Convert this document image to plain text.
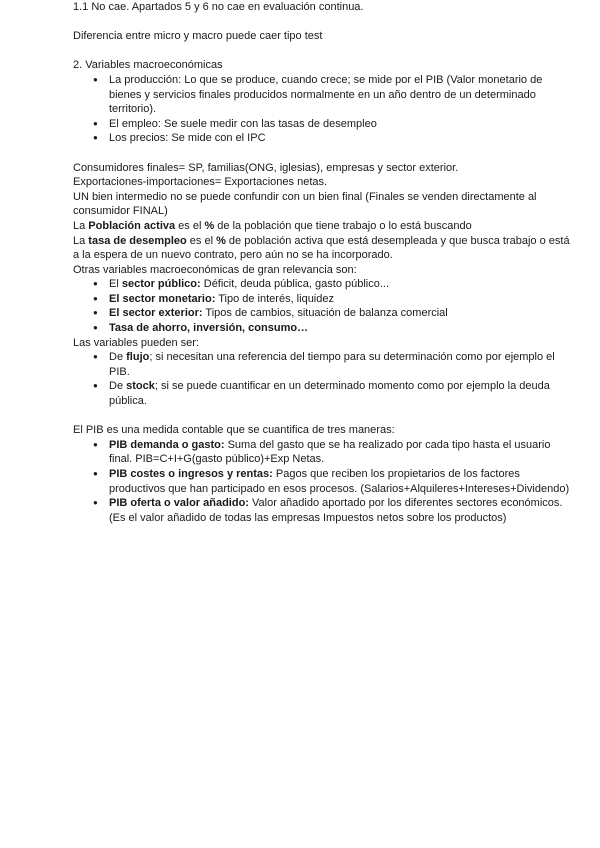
1.1 No cae. Apartados 5 y 6 no cae en evaluación continua.

Diferencia entre micro y macro puede caer tipo test

2. Variables macroeconómicas

● La producción: Lo que se produce, cuando crece; se mide por el PIB (Valor monetario de bienes y servicios finales producidos normalmente en un año dentro de un determinado territorio).
● El empleo: Se suele medir con las tasas de desempleo
● Los precios: Se mide con el IPC

Consumidores finales= SP, familias(ONG, iglesias), empresas y sector exterior.

Exportaciones-importaciones= Exportaciones netas.

UN bien intermedio no se puede confundir con un bien final (Finales se venden directamente al consumidor FINAL)

La Población activa es el % de la población que tiene trabajo o lo está buscando

La tasa de desempleo es el % de población activa que está desempleada y que busca trabajo o está a la espera de un nuevo contrato, pero aún no se ha incorporado.

Otras variables macroeconómicas de gran relevancia son:

● El sector público: Déficit, deuda pública, gasto público...
● El sector monetario: Tipo de interés, liquidez
● El sector exterior: Tipos de cambios, situación de balanza comercial
● Tasa de ahorro, inversión, consumo…

Las variables pueden ser:

● De flujo; si necesitan una referencia del tiempo para su determinación como por ejemplo el PIB.
● De stock; si se puede cuantificar en un determinado momento como por ejemplo la deuda pública.

El PIB es una medida contable que se cuantifica de tres maneras:

● PIB demanda o gasto: Suma del gasto que se ha realizado por cada tipo hasta el usuario final. PIB=C+I+G(gasto público)+Exp Netas.
● PIB costes o ingresos y rentas: Pagos que reciben los propietarios de los factores productivos que han participado en esos procesos. (Salarios+Alquileres+Intereses+Dividendo)
● PIB oferta o valor añadido: Valor añadido aportado por los diferentes sectores económicos.(Es el valor añadido de todas las empresas Impuestos netos sobre los productos)
